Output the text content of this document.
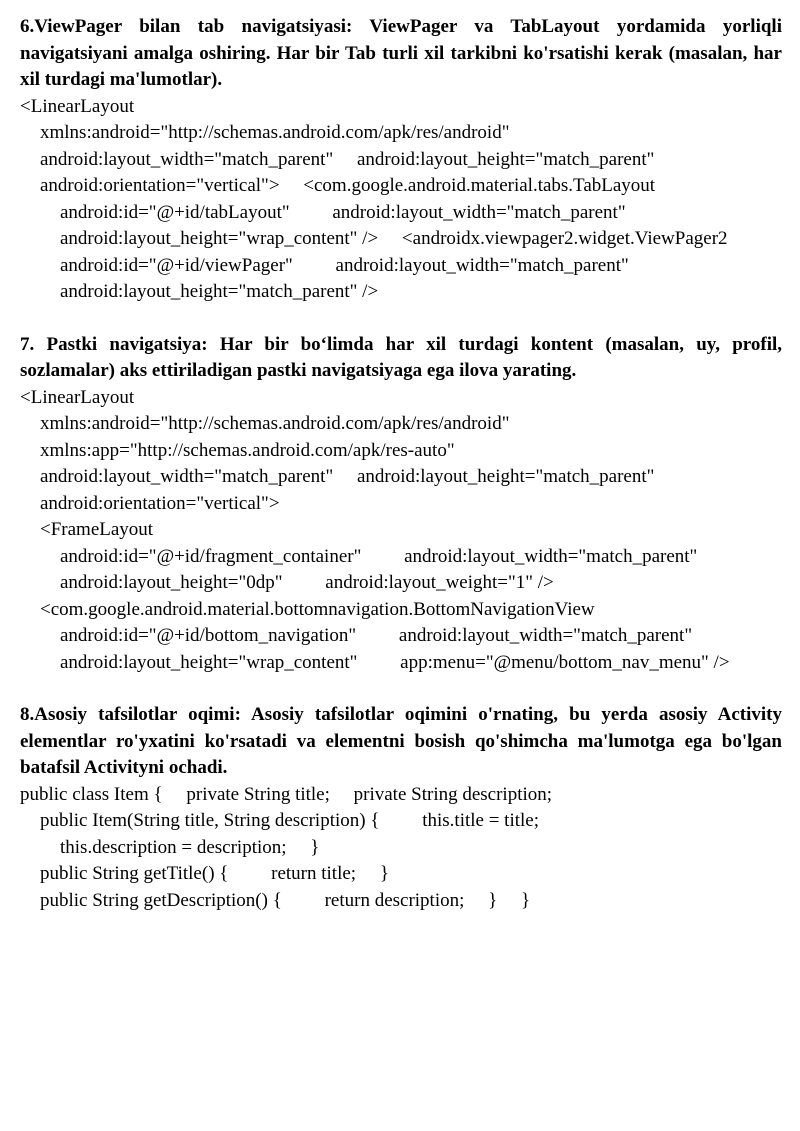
6.ViewPager bilan tab navigatsiyasi: ViewPager va TabLayout yordamida yorliqli navigatsiyani amalga oshiring. Har bir Tab turli xil tarkibni ko'rsatishi kerak (masalan, har xil turdagi ma'lumotlar).

<LinearLayout

xmlns:android="http://schemas.android.com/apk/res/android"

android:layout_width="match_parent"     android:layout_height="match_parent"

android:orientation="vertical">     <com.google.android.material.tabs.TabLayout

android:id="@+id/tabLayout"         android:layout_width="match_parent"

android:layout_height="wrap_content" />     <androidx.viewpager2.widget.ViewPager2

android:id="@+id/viewPager"         android:layout_width="match_parent"

android:layout_height="match_parent" />

7. Pastki navigatsiya: Har bir bo‘limda har xil turdagi kontent (masalan, uy, profil, sozlamalar) aks ettiriladigan pastki navigatsiyaga ega ilova yarating.

<LinearLayout

xmlns:android="http://schemas.android.com/apk/res/android"

xmlns:app="http://schemas.android.com/apk/res-auto"

android:layout_width="match_parent"     android:layout_height="match_parent"

android:orientation="vertical">

<FrameLayout

android:id="@+id/fragment_container"         android:layout_width="match_parent"

android:layout_height="0dp"         android:layout_weight="1" />

<com.google.android.material.bottomnavigation.BottomNavigationView

android:id="@+id/bottom_navigation"         android:layout_width="match_parent"

android:layout_height="wrap_content"         app:menu="@menu/bottom_nav_menu" />

8.Asosiy tafsilotlar oqimi: Asosiy tafsilotlar oqimini o'rnating, bu yerda asosiy Activity elementlar ro'yxatini ko'rsatadi va elementni bosish qo'shimcha ma'lumotga ega bo'lgan batafsil Activityni ochadi.

public class Item {     private String title;     private String description;

public Item(String title, String description) {         this.title = title;

this.description = description;     }

public String getTitle() {         return title;     }

public String getDescription() {         return description;     }     }
